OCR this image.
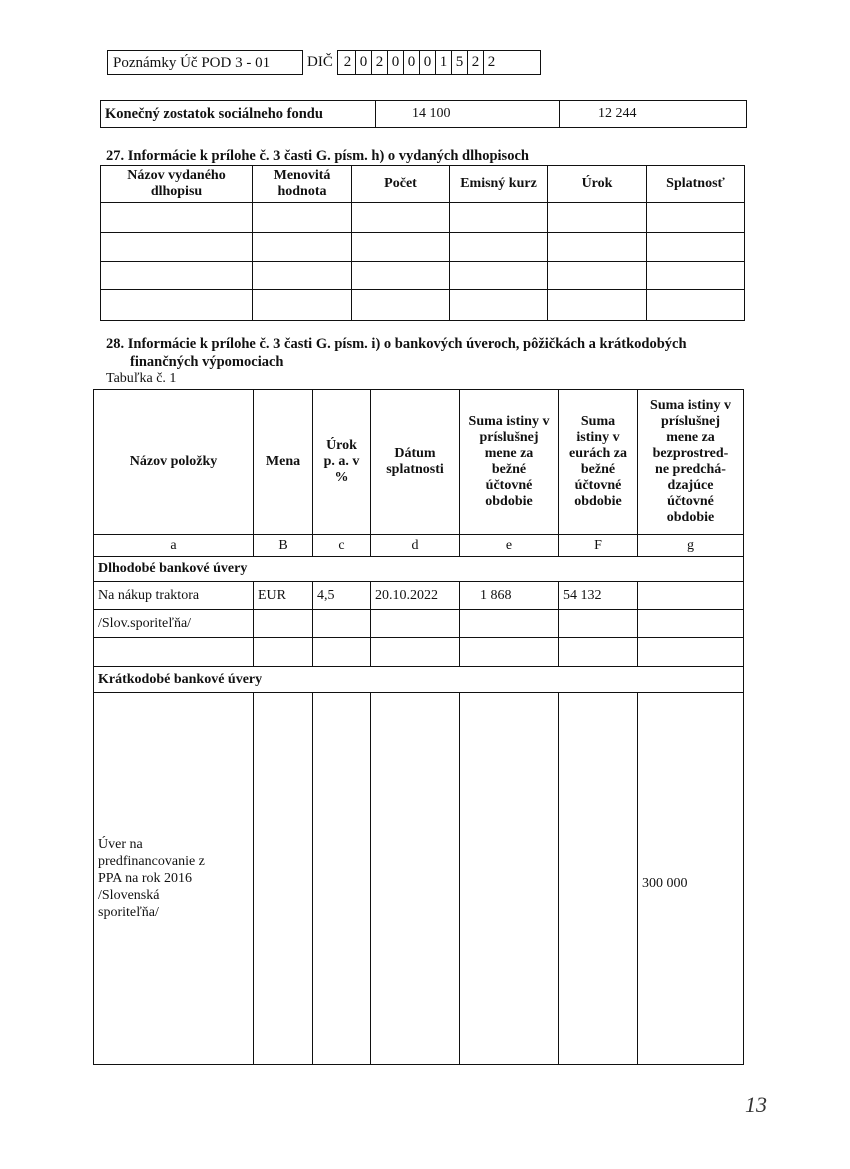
Poznámky Úč POD 3 - 01	DIČ 2 0 2 0 0 0 1 5 2 2
Konečný zostatok sociálneho fondu	14 100	12 244
27. Informácie k prílohe č. 3 časti G. písm. h) o vydaných dlhopisoch
Názov vydaného dlhopisu	Menovitá hodnota	Počet	Emisný kurz	Úrok	Splatnosť

28. Informácie k prílohe č. 3 časti G. písm. i) o bankových úveroch, pôžičkách a krátkodobých
finančných výpomociach
Tabuľka č. 1
Názov položky	Mena	Úrok p. a. v %	Dátum splatnosti	Suma istiny v príslušnej mene za bežné účtovné obdobie	Suma istiny v eurách za bežné účtovné obdobie	Suma istiny v príslušnej mene za bezprostred-ne predchá-dzajúce účtovné obdobie
a	B	c	d	e	F	g
Dlhodobé bankové úvery						
Na nákup traktora	EUR	4,5	20.10.2022	1 868	54 132	
/Slov.sporiteľňa/						

Krátkodobé bankové úvery						
Úver na predfinancovanie z PPA na rok 2016 /Slovenská sporiteľňa/						300 000
13
